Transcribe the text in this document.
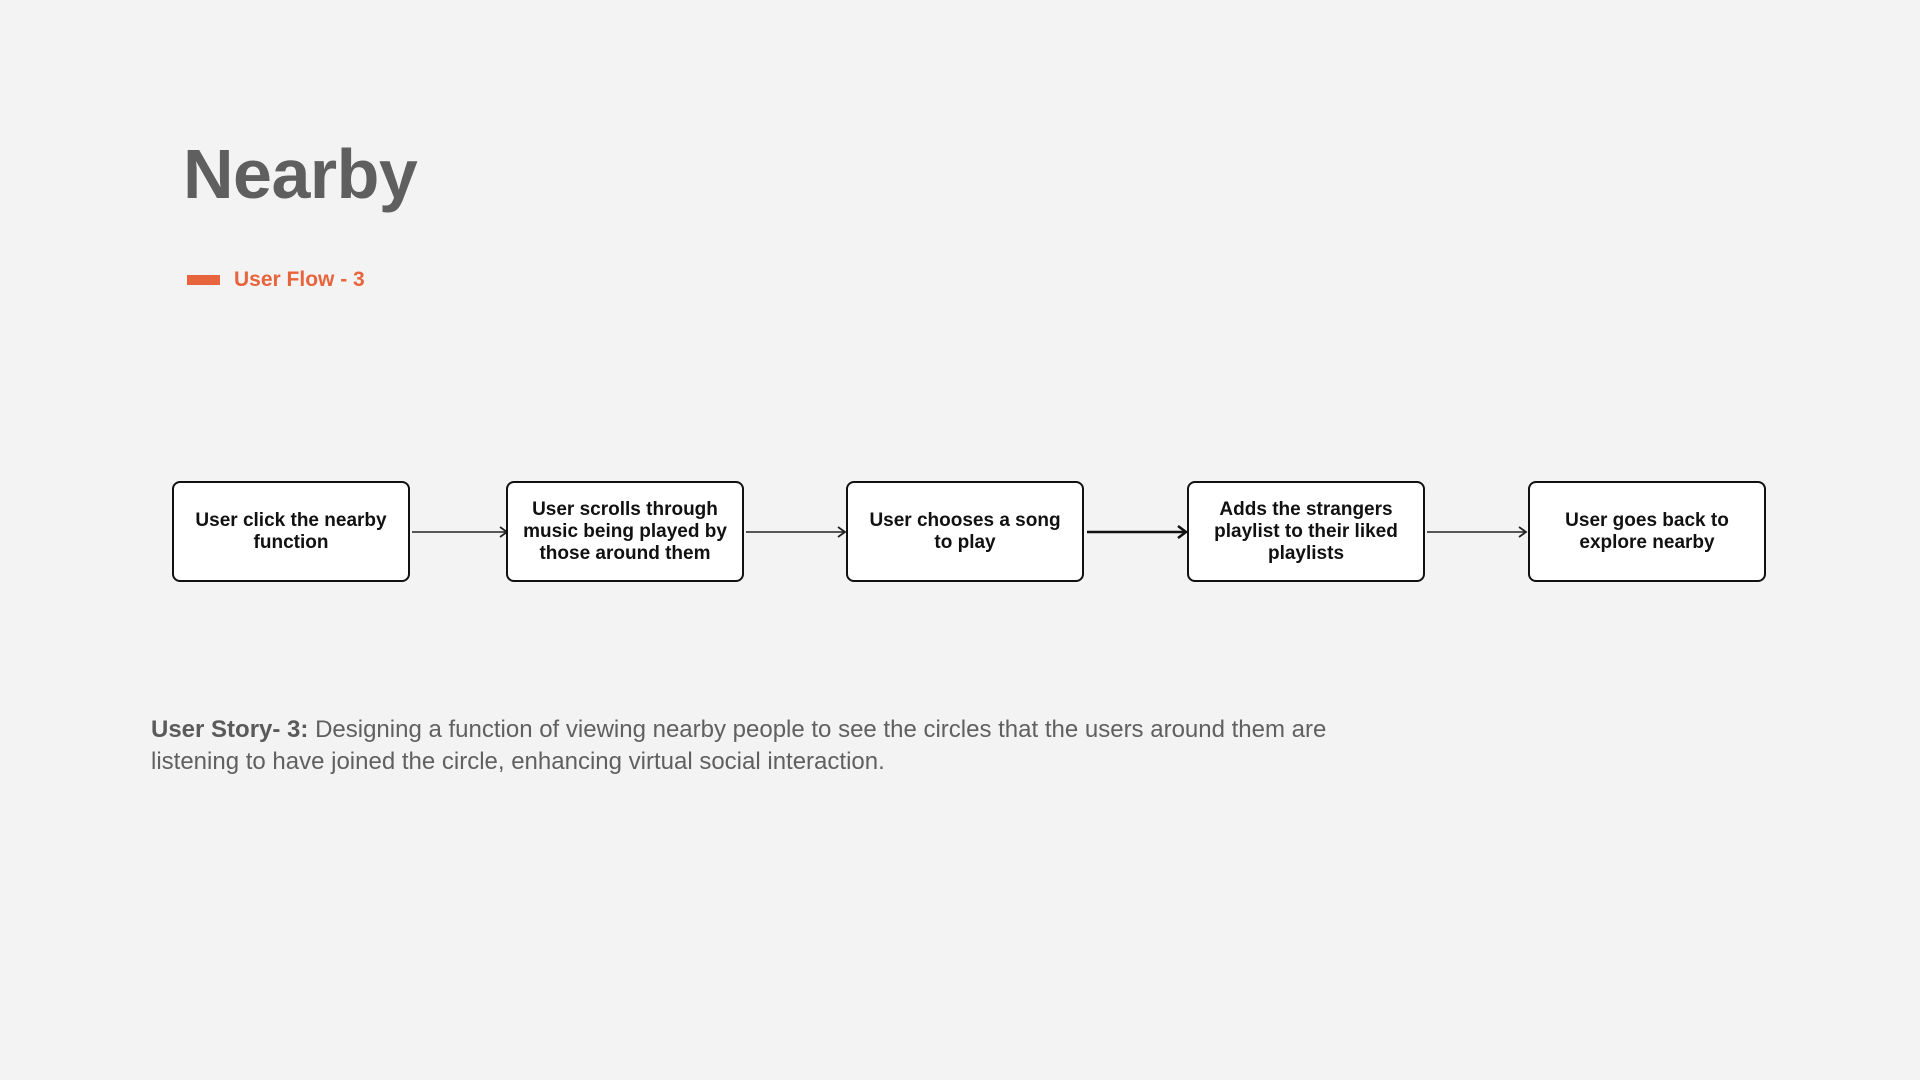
Nearby
User Flow - 3
User click the nearby function
User scrolls through music being played by those around them
User chooses a song to play
Adds the strangers playlist to their liked playlists
User goes back to explore nearby
User Story- 3: Designing a function of viewing nearby people to see the circles that the users around them are listening to have joined the circle, enhancing virtual social interaction.
